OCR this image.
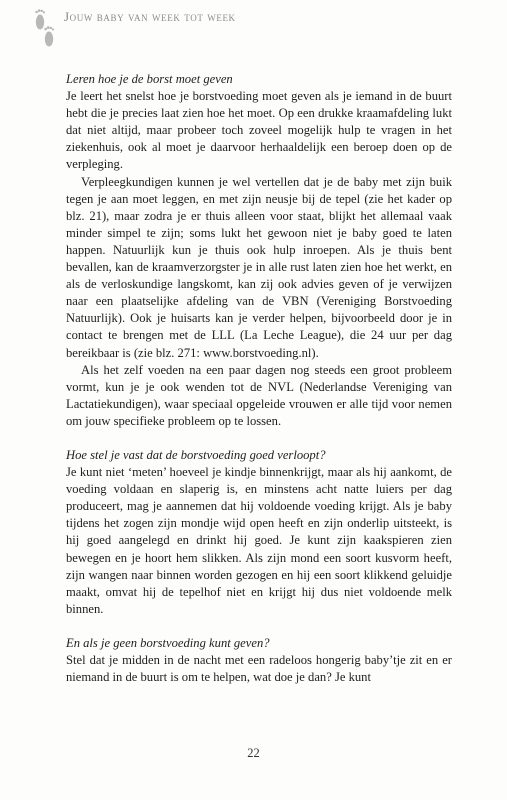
Jouw baby van week tot week
Leren hoe je de borst moet geven

Je leert het snelst hoe je borstvoeding moet geven als je iemand in de buurt hebt die je precies laat zien hoe het moet. Op een drukke kraamafdeling lukt dat niet altijd, maar probeer toch zoveel mogelijk hulp te vragen in het ziekenhuis, ook al moet je daarvoor herhaaldelijk een beroep doen op de verpleging.

Verpleegkundigen kunnen je wel vertellen dat je de baby met zijn buik tegen je aan moet leggen, en met zijn neusje bij de tepel (zie het kader op blz. 21), maar zodra je er thuis alleen voor staat, blijkt het allemaal vaak minder simpel te zijn; soms lukt het gewoon niet je baby goed te laten happen. Natuurlijk kun je thuis ook hulp inroepen. Als je thuis bent bevallen, kan de kraamverzorgster je in alle rust laten zien hoe het werkt, en als de verloskundige langskomt, kan zij ook advies geven of je verwijzen naar een plaatselijke afdeling van de VBN (Vereniging Borstvoeding Natuurlijk). Ook je huisarts kan je verder helpen, bijvoorbeeld door je in contact te brengen met de LLL (La Leche League), die 24 uur per dag bereikbaar is (zie blz. 271: www.borstvoeding.nl).

Als het zelf voeden na een paar dagen nog steeds een groot probleem vormt, kun je je ook wenden tot de NVL (Nederlandse Vereniging van Lactatiekundigen), waar speciaal opgeleide vrouwen er alle tijd voor nemen om jouw specifieke probleem op te lossen.

Hoe stel je vast dat de borstvoeding goed verloopt?

Je kunt niet ‘meten’ hoeveel je kindje binnenkrijgt, maar als hij aankomt, de voeding voldaan en slaperig is, en minstens acht natte luiers per dag produceert, mag je aannemen dat hij voldoende voeding krijgt. Als je baby tijdens het zogen zijn mondje wijd open heeft en zijn onderlip uitsteekt, is hij goed aangelegd en drinkt hij goed. Je kunt zijn kaakspieren zien bewegen en je hoort hem slikken. Als zijn mond een soort kusvorm heeft, zijn wangen naar binnen worden gezogen en hij een soort klikkend geluidje maakt, omvat hij de tepelhof niet en krijgt hij dus niet voldoende melk binnen.

En als je geen borstvoeding kunt geven?

Stel dat je midden in de nacht met een radeloos hongerig baby’tje zit en er niemand in de buurt is om te helpen, wat doe je dan? Je kunt

22
